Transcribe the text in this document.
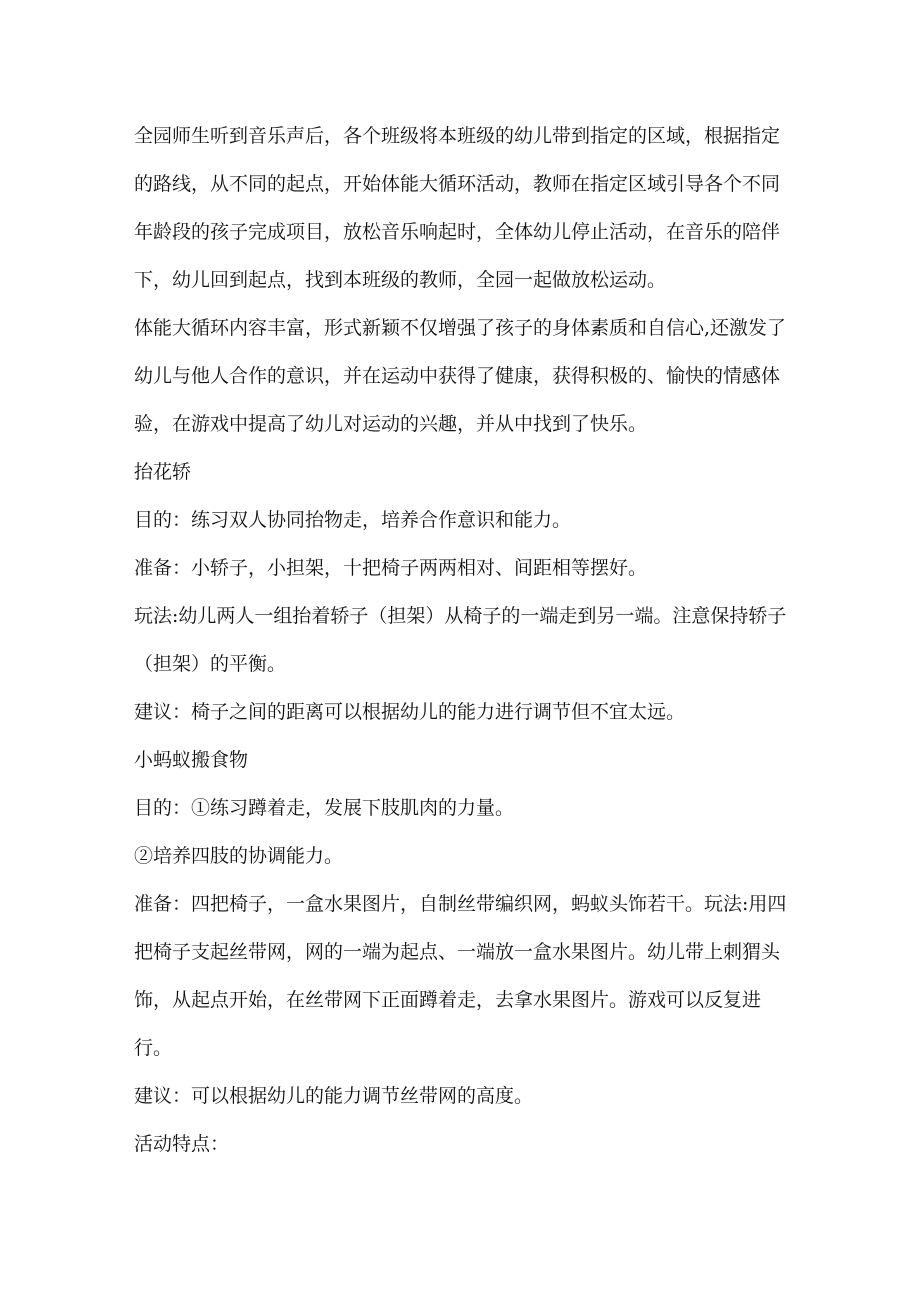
全园师生听到音乐声后，各个班级将本班级的幼儿带到指定的区域，根据指定的路线，从不同的起点，开始体能大循环活动，教师在指定区域引导各个不同年龄段的孩子完成项目，放松音乐响起时，全体幼儿停止活动，在音乐的陪伴下，幼儿回到起点，找到本班级的教师，全园一起做放松运动。

体能大循环内容丰富，形式新颖不仅增强了孩子的身体素质和自信心,还激发了幼儿与他人合作的意识，并在运动中获得了健康，获得积极的、愉快的情感体验，在游戏中提高了幼儿对运动的兴趣，并从中找到了快乐。

抬花轿

目的：练习双人协同抬物走，培养合作意识和能力。

准备：小轿子，小担架，十把椅子两两相对、间距相等摆好。

玩法:幼儿两人一组抬着轿子（担架）从椅子的一端走到另一端。注意保持轿子（担架）的平衡。

建议：椅子之间的距离可以根据幼儿的能力进行调节但不宜太远。

小蚂蚁搬食物

目的：①练习蹲着走，发展下肢肌肉的力量。

②培养四肢的协调能力。

准备：四把椅子，一盒水果图片，自制丝带编织网，蚂蚁头饰若干。玩法:用四把椅子支起丝带网，网的一端为起点、一端放一盒水果图片。幼儿带上刺猬头饰，从起点开始，在丝带网下正面蹲着走，去拿水果图片。游戏可以反复进行。

建议：可以根据幼儿的能力调节丝带网的高度。

活动特点：
